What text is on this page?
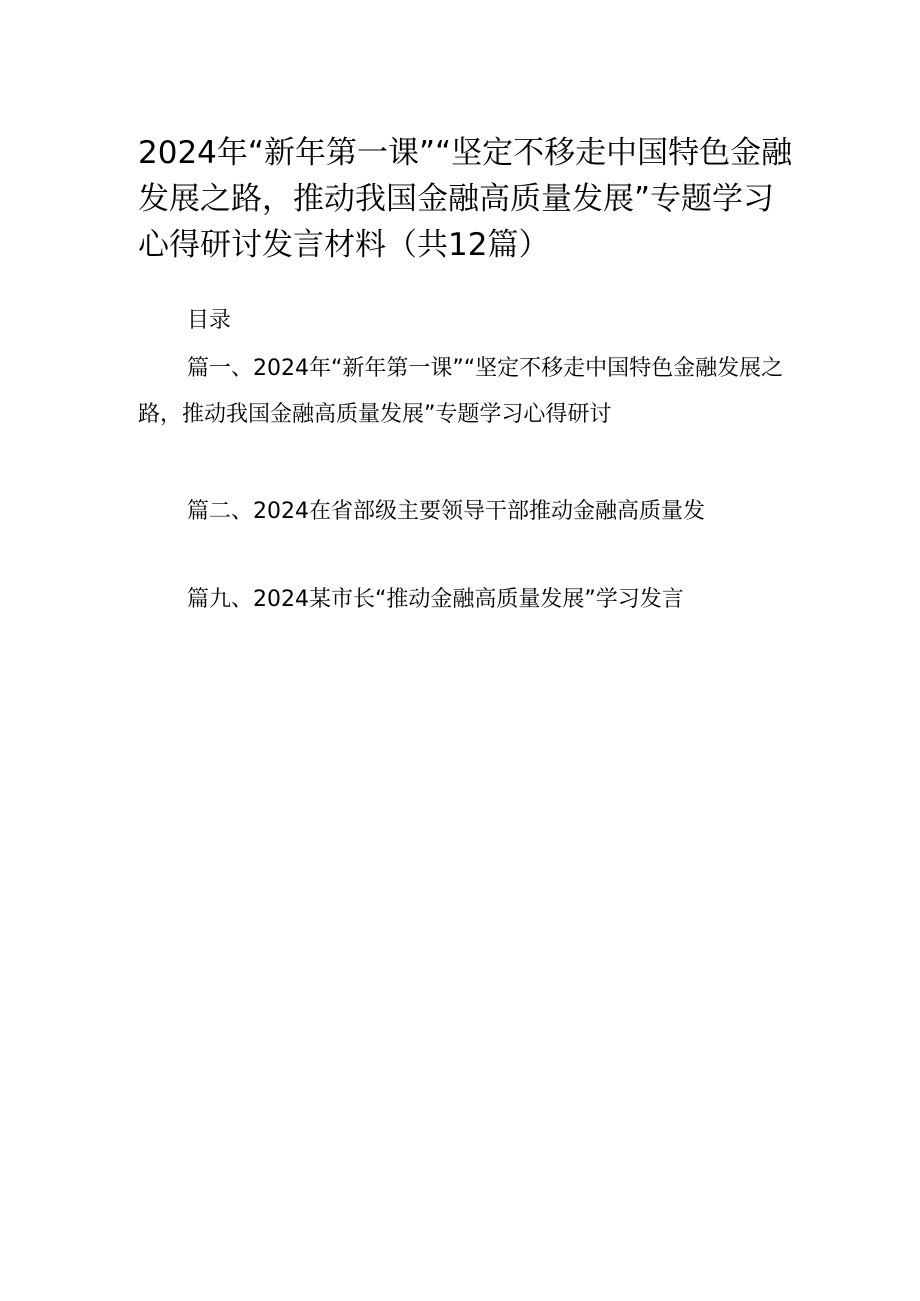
2024年“新年第一课”“坚定不移走中国特色金融发展之路，推动我国金融高质量发展”专题学习心得研讨发言材料（共12篇）

目录

篇一、2024年“新年第一课”“坚定不移走中国特色金融发展之路，推动我国金融高质量发展”专题学习心得研讨

篇二、2024在省部级主要领导干部推动金融高质量发

篇九、2024某市长“推动金融高质量发展”学习发言
